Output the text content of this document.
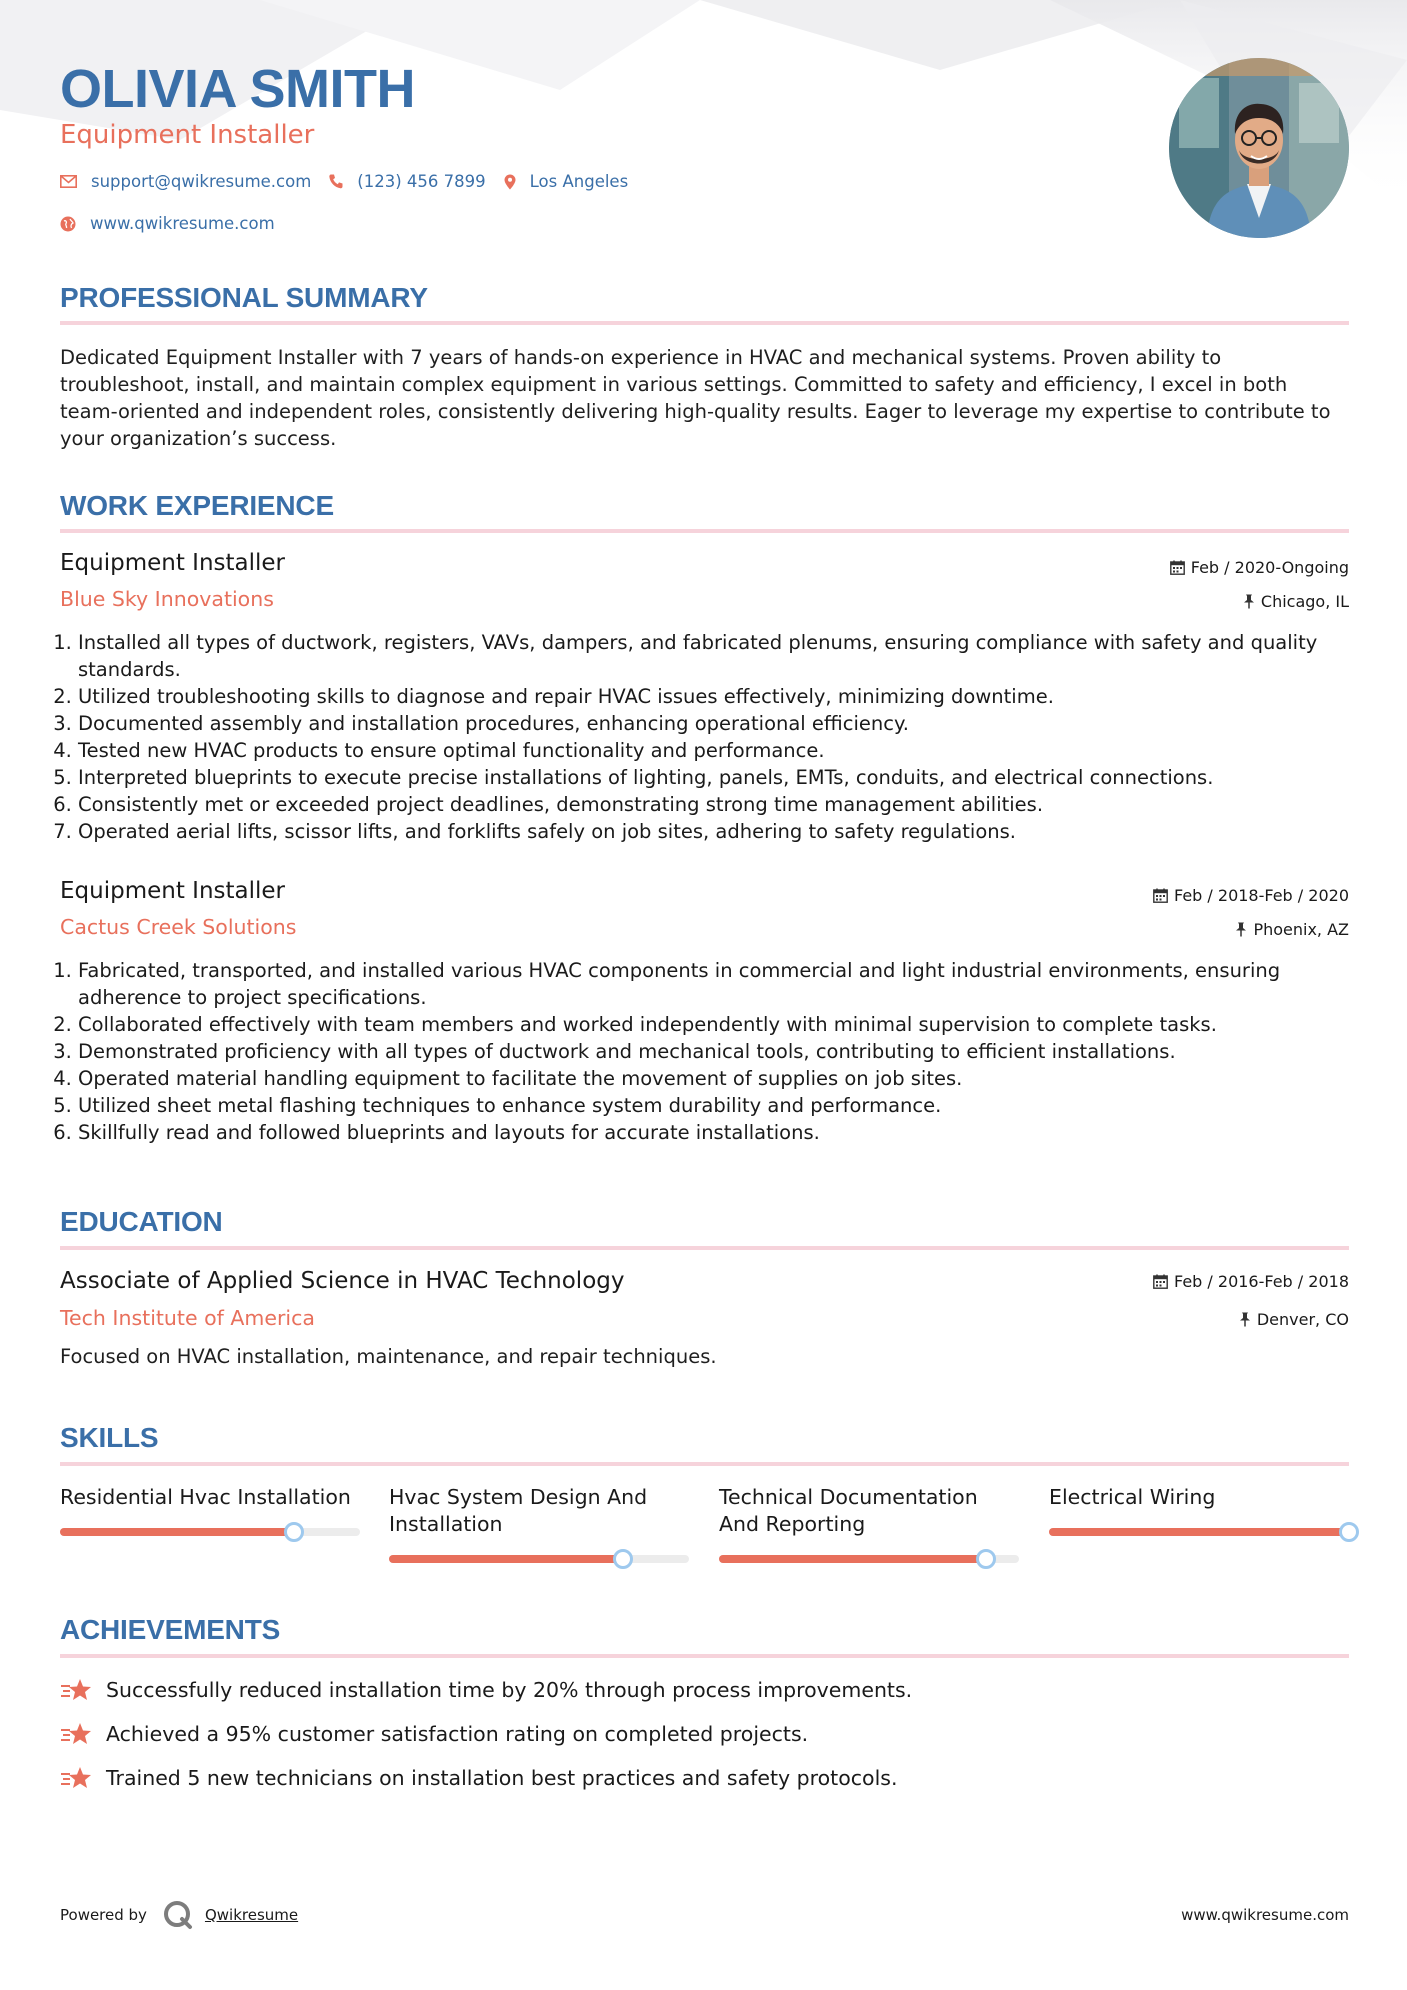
OLIVIA SMITH
Equipment Installer
support@qwikresume.com	(123) 456 7899	Los Angeles
www.qwikresume.com
PROFESSIONAL SUMMARY
Dedicated Equipment Installer with 7 years of hands-on experience in HVAC and mechanical systems. Proven ability to troubleshoot, install, and maintain complex equipment in various settings. Committed to safety and efficiency, I excel in both team-oriented and independent roles, consistently delivering high-quality results. Eager to leverage my expertise to contribute to your organization’s success.
WORK EXPERIENCE
Equipment Installer	Feb / 2020-Ongoing
Blue Sky Innovations	Chicago, IL
1. Installed all types of ductwork, registers, VAVs, dampers, and fabricated plenums, ensuring compliance with safety and quality standards.
2. Utilized troubleshooting skills to diagnose and repair HVAC issues effectively, minimizing downtime.
3. Documented assembly and installation procedures, enhancing operational efficiency.
4. Tested new HVAC products to ensure optimal functionality and performance.
5. Interpreted blueprints to execute precise installations of lighting, panels, EMTs, conduits, and electrical connections.
6. Consistently met or exceeded project deadlines, demonstrating strong time management abilities.
7. Operated aerial lifts, scissor lifts, and forklifts safely on job sites, adhering to safety regulations.
Equipment Installer	Feb / 2018-Feb / 2020
Cactus Creek Solutions	Phoenix, AZ
1. Fabricated, transported, and installed various HVAC components in commercial and light industrial environments, ensuring adherence to project specifications.
2. Collaborated effectively with team members and worked independently with minimal supervision to complete tasks.
3. Demonstrated proficiency with all types of ductwork and mechanical tools, contributing to efficient installations.
4. Operated material handling equipment to facilitate the movement of supplies on job sites.
5. Utilized sheet metal flashing techniques to enhance system durability and performance.
6. Skillfully read and followed blueprints and layouts for accurate installations.
EDUCATION
Associate of Applied Science in HVAC Technology	Feb / 2016-Feb / 2018
Tech Institute of America	Denver, CO
Focused on HVAC installation, maintenance, and repair techniques.
SKILLS
Residential Hvac Installation	Hvac System Design And Installation
Technical Documentation And Reporting
Electrical Wiring
ACHIEVEMENTS
Successfully reduced installation time by 20% through process improvements.
Achieved a 95% customer satisfaction rating on completed projects.
Trained 5 new technicians on installation best practices and safety protocols.
Powered by	Qwikresume	www.qwikresume.com
